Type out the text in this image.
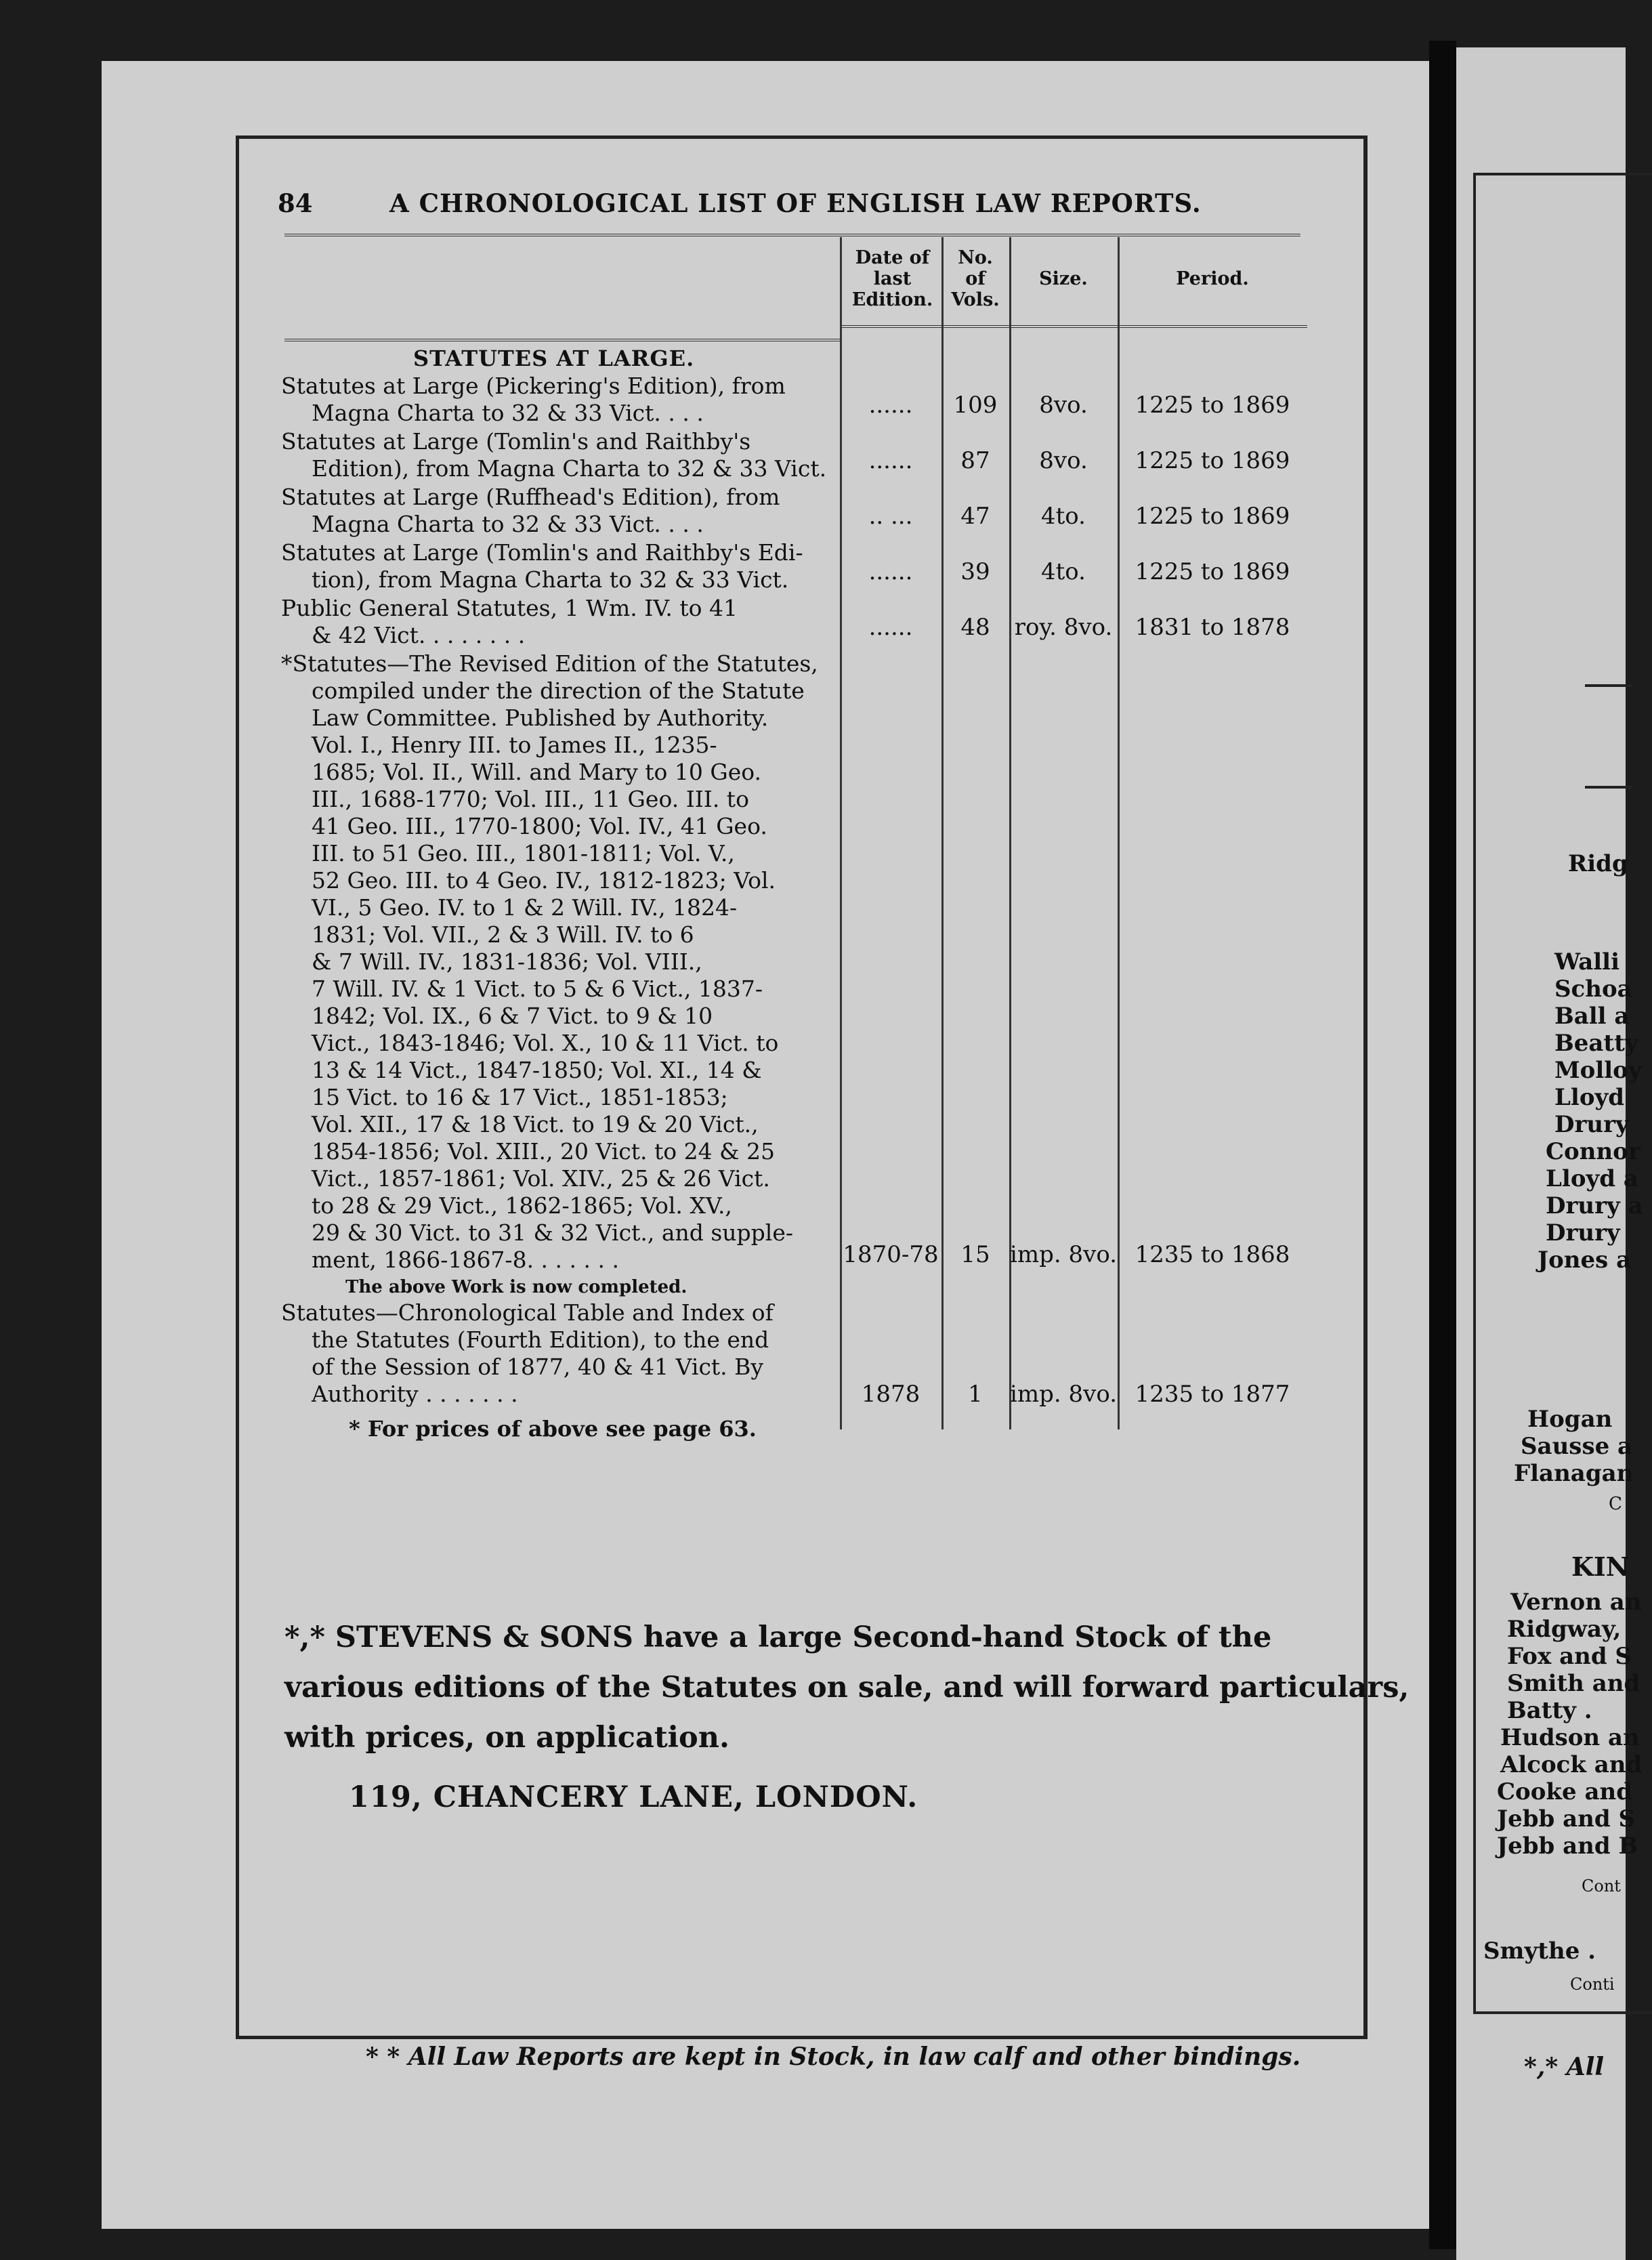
84	A CHRONOLOGICAL LIST OF ENGLISH LAW REPORTS.
Date of
last
Edition.
No.
of
Vols.
Size.	Period.
STATUTES AT LARGE.
Statutes at Large (Pickering's Edition), from
Magna Charta to 32 & 33 Vict. . . .	......	109	8vo.	1225 to 1869
Statutes at Large (Tomlin's and Raithby's
Edition), from Magna Charta to 32 & 33 Vict.	......	87	8vo.	1225 to 1869
Statutes at Large (Ruffhead's Edition), from
Magna Charta to 32 & 33 Vict. . . .	.. ...	47	4to.	1225 to 1869
Statutes at Large (Tomlin's and Raithby's Edi-
tion), from Magna Charta to 32 & 33 Vict.	......	39	4to.	1225 to 1869
Public General Statutes, 1 Wm. IV. to 41
& 42 Vict. . . . . . . .	......	48	roy. 8vo. 1831 to 1878
*Statutes—The Revised Edition of the Statutes,
compiled under the direction of the Statute
Law Committee. Published by Authority.
Vol. I., Henry III. to James II., 1235-
1685; Vol. II., Will. and Mary to 10 Geo.
III., 1688-1770; Vol. III., 11 Geo. III. to
41 Geo. III., 1770-1800; Vol. IV., 41 Geo.
III. to 51 Geo. III., 1801-1811; Vol. V.,
52 Geo. III. to 4 Geo. IV., 1812-1823; Vol.
VI., 5 Geo. IV. to 1 & 2 Will. IV., 1824-
1831; Vol. VII., 2 & 3 Will. IV. to 6
& 7 Will. IV., 1831-1836; Vol. VIII.,
7 Will. IV. & 1 Vict. to 5 & 6 Vict., 1837-
1842; Vol. IX., 6 & 7 Vict. to 9 & 10
Vict., 1843-1846; Vol. X., 10 & 11 Vict. to
13 & 14 Vict., 1847-1850; Vol. XI., 14 &
15 Vict. to 16 & 17 Vict., 1851-1853;
Vol. XII., 17 & 18 Vict. to 19 & 20 Vict.,
1854-1856; Vol. XIII., 20 Vict. to 24 & 25
Vict., 1857-1861; Vol. XIV., 25 & 26 Vict.
to 28 & 29 Vict., 1862-1865; Vol. XV.,
29 & 30 Vict. to 31 & 32 Vict., and supple-
ment, 1866-1867-8. . . . . . .	1870-78 15 imp. 8vo. 1235 to 1868
The above Work is now completed.
Statutes—Chronological Table and Index of
the Statutes (Fourth Edition), to the end
of the Session of 1877, 40 & 41 Vict. By
Authority . . . . . . .	1878	1	imp. 8vo. 1235 to 1877
* For prices of above see page 63.
*,* STEVENS & SONS have a large Second-hand Stock of the
various editions of the Statutes on sale, and will forward particulars,
with prices, on application.
119, CHANCERY LANE, LONDON.
* * All Law Reports are kept in Stock, in law calf and other bindings.
Ridg
Walli
Schoa
Ball a
Beatty
Molloy
Lloyd
Drury
Connor
Lloyd a
Drury a
Drury
Jones a
Hogan
Sausse a
Flanagan
C
KIN
Vernon an
Ridgway,
Fox and S
Smith and
Batty .
Hudson an
Alcock and
Cooke and
Jebb and S
Jebb and B
Cont
Smythe .
Conti
*,* All
